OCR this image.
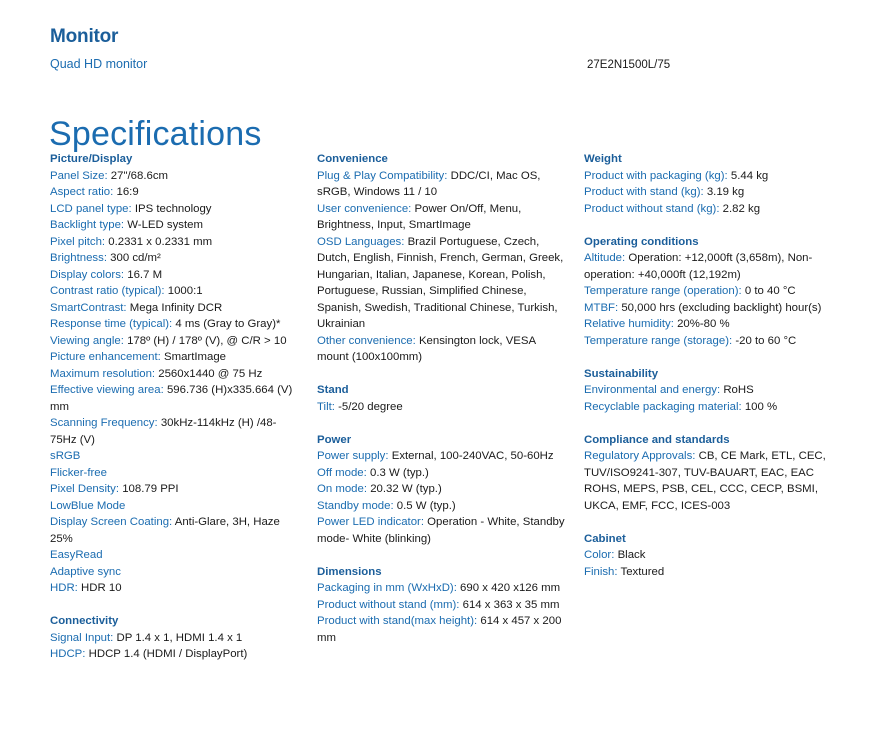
Monitor
Quad HD monitor	27E2N1500L/75
Specifications
Picture/Display
Panel Size: 27"/68.6cm
Aspect ratio: 16:9
LCD panel type: IPS technology
Backlight type: W-LED system
Pixel pitch: 0.2331 x 0.2331 mm
Brightness: 300 cd/m²
Display colors: 16.7 M
Contrast ratio (typical): 1000:1
SmartContrast: Mega Infinity DCR
Response time (typical): 4 ms (Gray to Gray)*
Viewing angle: 178º (H) / 178º (V), @ C/R > 10
Picture enhancement: SmartImage
Maximum resolution: 2560x1440 @ 75 Hz
Effective viewing area: 596.736 (H)x335.664 (V) mm
Scanning Frequency: 30kHz-114kHz (H) /48-75Hz (V)
sRGB
Flicker-free
Pixel Density: 108.79 PPI
LowBlue Mode
Display Screen Coating: Anti-Glare, 3H, Haze 25%
EasyRead
Adaptive sync
HDR: HDR 10
Connectivity
Signal Input: DP 1.4 x 1, HDMI 1.4 x 1
HDCP: HDCP 1.4 (HDMI / DisplayPort)
Convenience
Plug & Play Compatibility: DDC/CI, Mac OS, sRGB, Windows 11 / 10
User convenience: Power On/Off, Menu, Brightness, Input, SmartImage
OSD Languages: Brazil Portuguese, Czech, Dutch, English, Finnish, French, German, Greek, Hungarian, Italian, Japanese, Korean, Polish, Portuguese, Russian, Simplified Chinese, Spanish, Swedish, Traditional Chinese, Turkish, Ukrainian
Other convenience: Kensington lock, VESA mount (100x100mm)
Stand
Tilt: -5/20 degree
Power
Power supply: External, 100-240VAC, 50-60Hz
Off mode: 0.3 W (typ.)
On mode: 20.32 W (typ.)
Standby mode: 0.5 W (typ.)
Power LED indicator: Operation - White, Standby mode- White (blinking)
Dimensions
Packaging in mm (WxHxD): 690 x 420 x126 mm
Product without stand (mm): 614 x 363 x 35 mm
Product with stand(max height): 614 x 457 x 200 mm
Weight
Product with packaging (kg): 5.44 kg
Product with stand (kg): 3.19 kg
Product without stand (kg): 2.82 kg
Operating conditions
Altitude: Operation: +12,000ft (3,658m), Non-operation: +40,000ft (12,192m)
Temperature range (operation): 0 to 40 °C
MTBF: 50,000 hrs (excluding backlight) hour(s)
Relative humidity: 20%-80 %
Temperature range (storage): -20 to 60 °C
Sustainability
Environmental and energy: RoHS
Recyclable packaging material: 100 %
Compliance and standards
Regulatory Approvals: CB, CE Mark, ETL, CEC, TUV/ISO9241-307, TUV-BAUART, EAC, EAC ROHS, MEPS, PSB, CEL, CCC, CECP, BSMI, UKCA, EMF, FCC, ICES-003
Cabinet
Color: Black
Finish: Textured
